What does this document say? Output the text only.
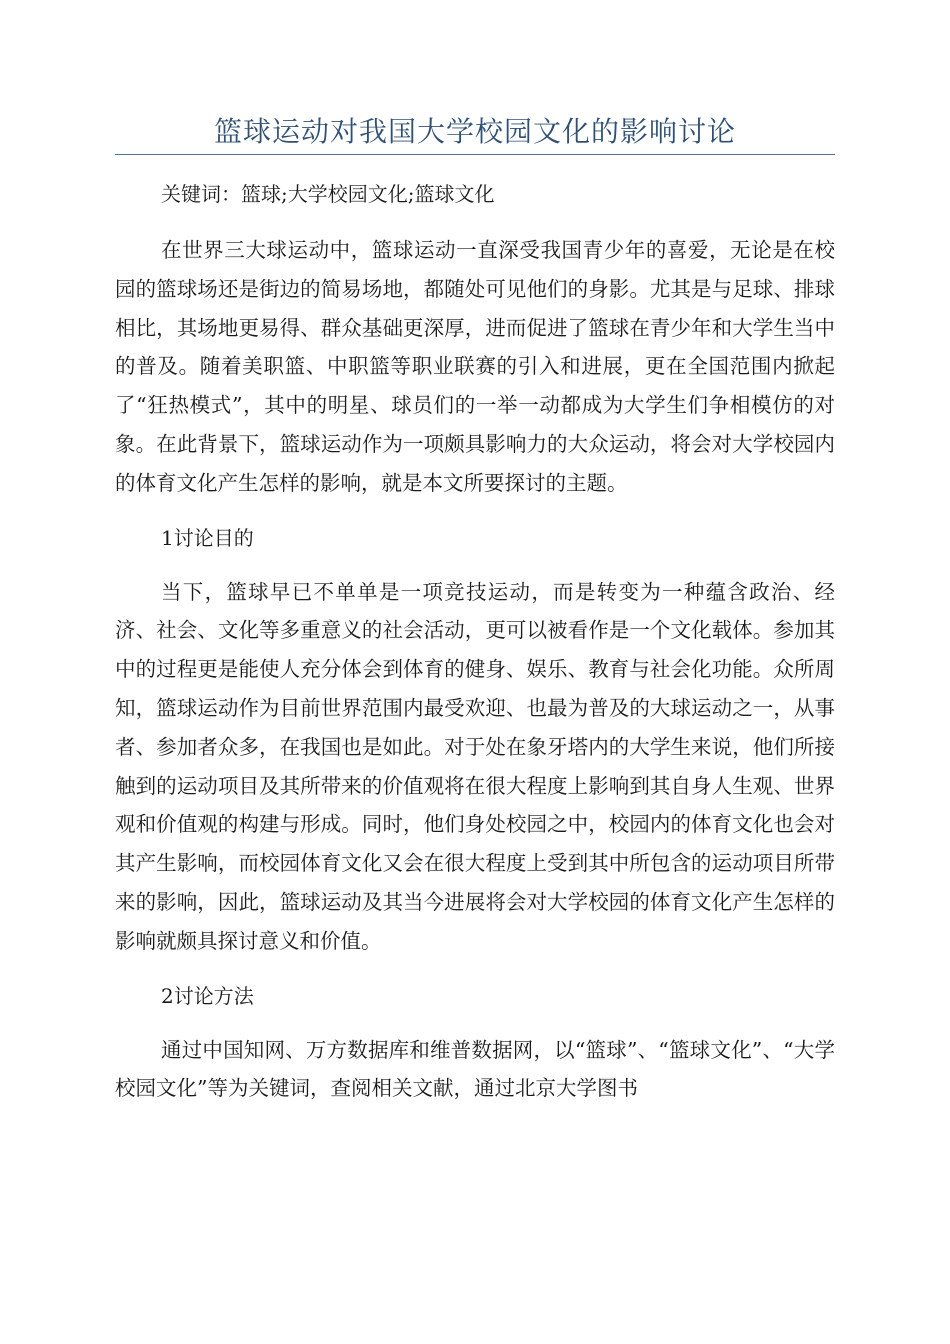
篮球运动对我国大学校园文化的影响讨论

关键词：篮球;大学校园文化;篮球文化

在世界三大球运动中，篮球运动一直深受我国青少年的喜爱，无论是在校园的篮球场还是街边的简易场地，都随处可见他们的身影。尤其是与足球、排球相比，其场地更易得、群众基础更深厚，进而促进了篮球在青少年和大学生当中的普及。随着美职篮、中职篮等职业联赛的引入和进展，更在全国范围内掀起了“狂热模式”，其中的明星、球员们的一举一动都成为大学生们争相模仿的对象。在此背景下，篮球运动作为一项颇具影响力的大众运动，将会对大学校园内的体育文化产生怎样的影响，就是本文所要探讨的主题。

1讨论目的

当下，篮球早已不单单是一项竞技运动，而是转变为一种蕴含政治、经济、社会、文化等多重意义的社会活动，更可以被看作是一个文化载体。参加其中的过程更是能使人充分体会到体育的健身、娱乐、教育与社会化功能。众所周知，篮球运动作为目前世界范围内最受欢迎、也最为普及的大球运动之一，从事者、参加者众多，在我国也是如此。对于处在象牙塔内的大学生来说，他们所接触到的运动项目及其所带来的价值观将在很大程度上影响到其自身人生观、世界观和价值观的构建与形成。同时，他们身处校园之中，校园内的体育文化也会对其产生影响，而校园体育文化又会在很大程度上受到其中所包含的运动项目所带来的影响，因此，篮球运动及其当今进展将会对大学校园的体育文化产生怎样的影响就颇具探讨意义和价值。

2讨论方法

通过中国知网、万方数据库和维普数据网，以“篮球”、“篮球文化”、“大学校园文化”等为关键词，查阅相关文献，通过北京大学图书
